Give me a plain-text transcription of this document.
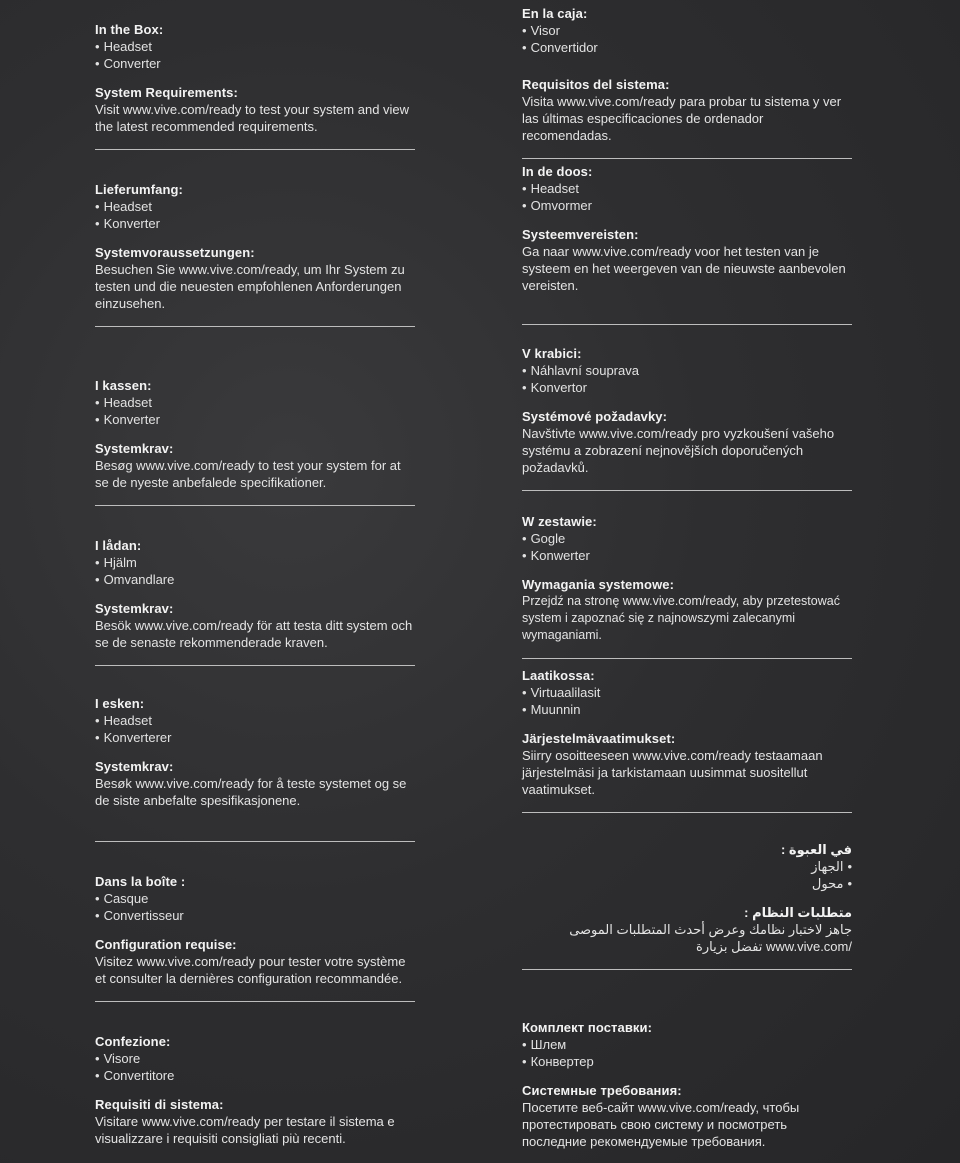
In the Box:
• Headset
• Converter
System Requirements:
Visit www.vive.com/ready to test your system and view the latest recommended requirements.
Lieferumfang:
• Headset
• Konverter
Systemvoraussetzungen:
Besuchen Sie www.vive.com/ready, um Ihr System zu testen und die neuesten empfohlenen Anforderungen einzusehen.
I kassen:
• Headset
• Konverter
Systemkrav:
Besøg www.vive.com/ready to test your system for at se de nyeste anbefalede specifikationer.
I lådan:
• Hjälm
• Omvandlare
Systemkrav:
Besök www.vive.com/ready för att testa ditt system och se de senaste rekommenderade kraven.
I esken:
• Headset
• Konverterer
Systemkrav:
Besøk www.vive.com/ready for å teste systemet og se de siste anbefalte spesifikasjonene.
Dans la boîte :
• Casque
• Convertisseur
Configuration requise:
Visitez www.vive.com/ready pour tester votre système et consulter la dernières configuration recommandée.
Confezione:
• Visore
• Convertitore
Requisiti di sistema:
Visitare www.vive.com/ready per testare il sistema e visualizzare i requisiti consigliati più recenti.
En la caja:
• Visor
• Convertidor
Requisitos del sistema:
Visita www.vive.com/ready para probar tu sistema y ver las últimas especificaciones de ordenador recomendadas.
In de doos:
• Headset
• Omvormer
Systeemvereisten:
Ga naar www.vive.com/ready voor het testen van je systeem en het weergeven van de nieuwste aanbevolen vereisten.
V krabici:
• Náhlavní souprava
• Konvertor
Systémové požadavky:
Navštivte www.vive.com/ready pro vyzkoušení vašeho systému a zobrazení nejnovějších doporučených požadavků.
W zestawie:
• Gogle
• Konwerter
Wymagania systemowe:
Przejdź na stronę www.vive.com/ready, aby przetestować system i zapoznać się z najnowszymi zalecanymi wymaganiami.
Laatikossa:
• Virtuaalilasit
• Muunnin
Järjestelmävaatimukset:
Siirry osoitteeseen www.vive.com/ready testaamaan järjestelmäsi ja tarkistamaan uusimmat suositellut vaatimukset.
في العبوة :
• الجهاز
• محول
متطلبات النظام :
جاهز لاختبار نظامك وعرض أحدث المتطلبات الموصى /www.vive.com تفضل بزيارة
Комплект поставки:
• Шлем
• Конвертер
Системные требования:
Посетите веб-сайт www.vive.com/ready, чтобы протестировать свою систему и посмотреть последние рекомендуемые требования.
